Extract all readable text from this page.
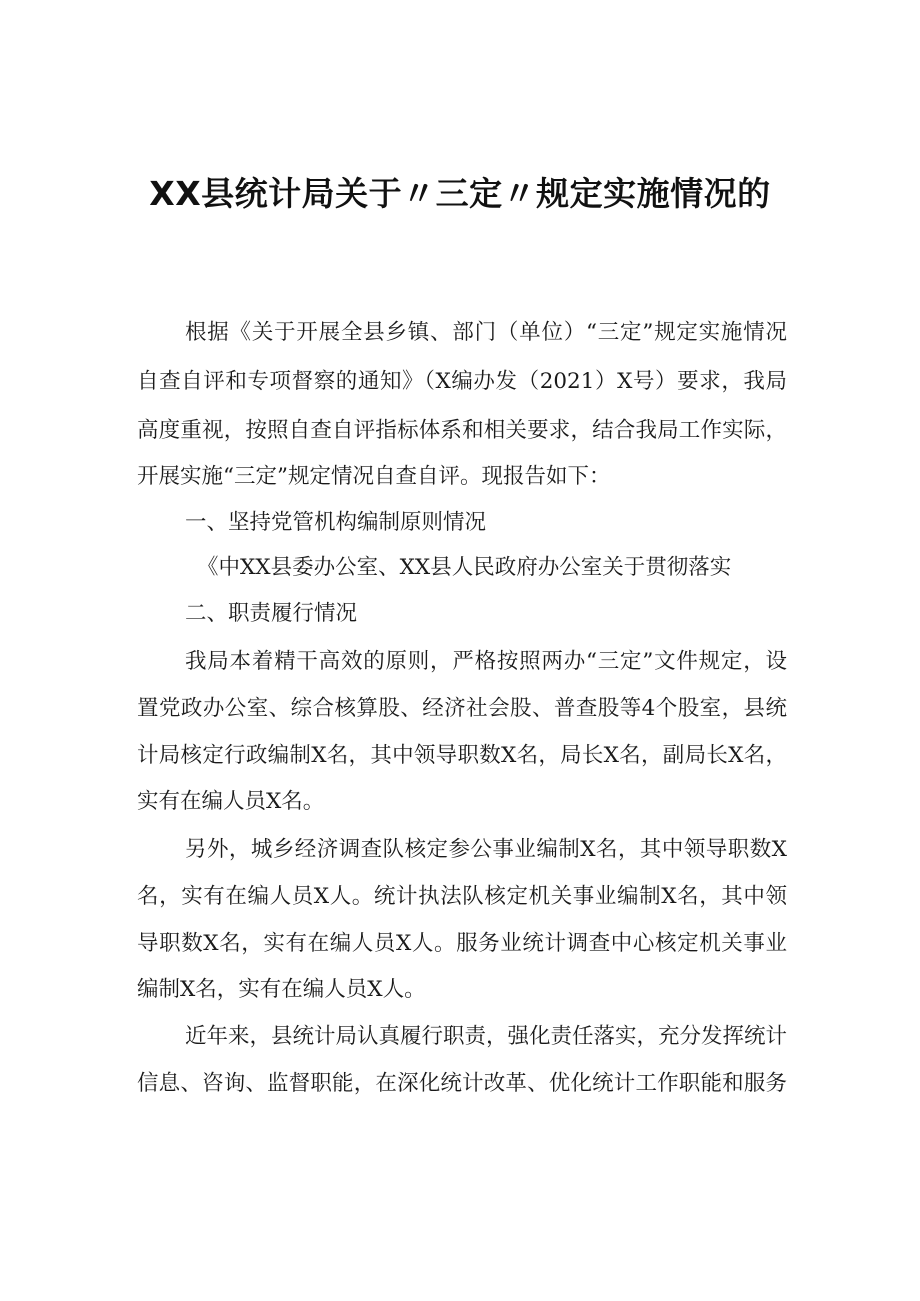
XX县统计局关于〃三定〃规定实施情况的
根据《关于开展全县乡镇、部门（单位）“三定”规定实施情况
自查自评和专项督察的通知》（X编办发（2021）X号）要求，我局
高度重视，按照自查自评指标体系和相关要求，结合我局工作实际，
开展实施“三定”规定情况自查自评。现报告如下：
一、坚持党管机构编制原则情况
《中XX县委办公室、XX县人民政府办公室关于贯彻落实
二、职责履行情况
我局本着精干高效的原则，严格按照两办“三定”文件规定，设
置党政办公室、综合核算股、经济社会股、普查股等4个股室，县统
计局核定行政编制X名，其中领导职数X名，局长X名，副局长X名，
实有在编人员X名。
另外，城乡经济调查队核定参公事业编制X名，其中领导职数X
名，实有在编人员X人。统计执法队核定机关事业编制X名，其中领
导职数X名，实有在编人员X人。服务业统计调查中心核定机关事业
编制X名，实有在编人员X人。
近年来，县统计局认真履行职责，强化责任落实，充分发挥统计
信息、咨询、监督职能，在深化统计改革、优化统计工作职能和服务
